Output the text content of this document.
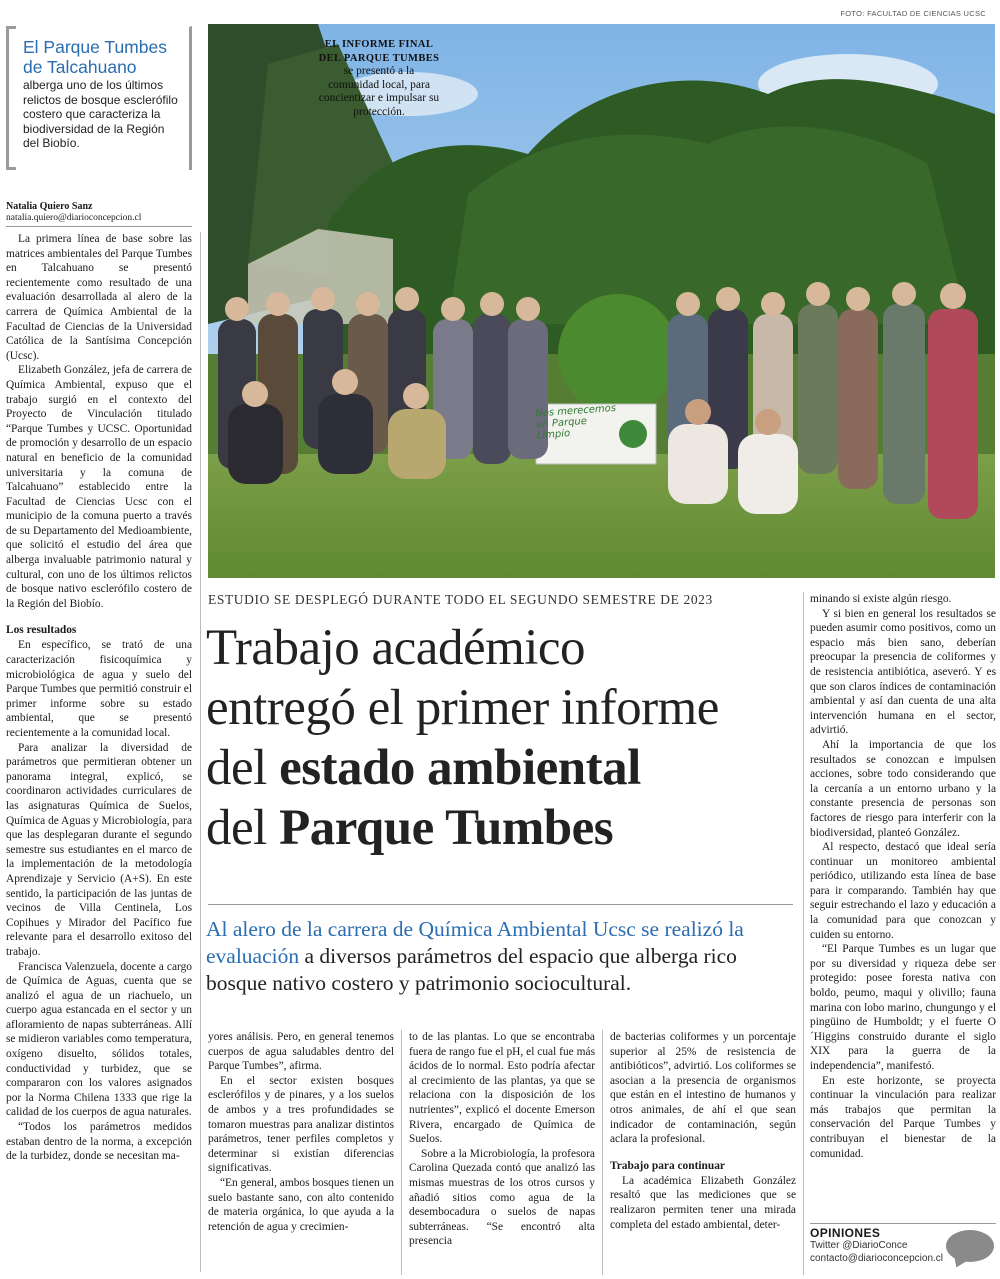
FOTO: FACULTAD DE CIENCIAS UCSC
El Parque Tumbes de Talcahuano
alberga uno de los últimos relictos de bosque esclerófilo costero que caracteriza la biodiversidad de la Región del Biobío.
Natalia Quiero Sanz
natalia.quiero@diarioconcepcion.cl

La primera línea de base sobre las matrices ambientales del Parque Tumbes en Talcahuano se presentó recientemente como resultado de una evaluación desarrollada al alero de la carrera de Química Ambiental de la Facultad de Ciencias de la Universidad Católica de la Santísima Concepción (Ucsc).

Elizabeth González, jefa de carrera de Química Ambiental, expuso que el trabajo surgió en el contexto del Proyecto de Vinculación titulado “Parque Tumbes y UCSC. Oportunidad de promoción y desarrollo de un espacio natural en beneficio de la comunidad universitaria y la comuna de Talcahuano” establecido entre la Facultad de Ciencias Ucsc con el municipio de la comuna puerto a través de su Departamento del Medioambiente, que solicitó el estudio del área que alberga invaluable patrimonio natural y cultural, con uno de los últimos relictos de bosque nativo esclerófilo costero de la Región del Biobío.

Los resultados

En específico, se trató de una caracterización fisicoquímica y microbiológica de agua y suelo del Parque Tumbes que permitió construir el primer informe sobre su estado ambiental, que se presentó recientemente a la comunidad local.

Para analizar la diversidad de parámetros que permitieran obtener un panorama integral, explicó, se coordinaron actividades curriculares de las asignaturas Química de Suelos, Química de Aguas y Microbiología, para que las desplegaran durante el segundo semestre sus estudiantes en el marco de la implementación de la metodología Aprendizaje y Servicio (A+S). En este sentido, la participación de las juntas de vecinos de Villa Centinela, Los Copihues y Mirador del Pacífico fue relevante para el desarrollo exitoso del trabajo.

Francisca Valenzuela, docente a cargo de Química de Aguas, cuenta que se analizó el agua de un riachuelo, un cuerpo agua estancada en el sector y un afloramiento de napas subterráneas. Allí se midieron variables como temperatura, oxígeno disuelto, sólidos totales, conductividad y turbidez, que se compararon con los valores asignados por la Norma Chilena 1333 que rige la calidad de los cuerpos de agua naturales.

“Todos los parámetros medidos estaban dentro de la norma, a excepción de la turbidez, donde se necesitan ma-

Nos merecemos
un Parque
Limpio
EL INFORME FINAL DEL PARQUE TUMBES
se presentó a la comunidad local, para concientizar e impulsar su protección.
ESTUDIO SE DESPLEGÓ DURANTE TODO EL SEGUNDO SEMESTRE DE 2023
Trabajo académico
entregó el primer informe
del estado ambiental
del Parque Tumbes
Al alero de la carrera de Química Ambiental Ucsc se realizó la evaluación a diversos parámetros del espacio que alberga rico bosque nativo costero y patrimonio sociocultural.

yores análisis. Pero, en general tenemos cuerpos de agua saludables dentro del Parque Tumbes”, afirma.

En el sector existen bosques esclerófilos y de pinares, y a los suelos de ambos y a tres profundidades se tomaron muestras para analizar distintos parámetros, tener perfiles completos y determinar si existían diferencias significativas.

“En general, ambos bosques tienen un suelo bastante sano, con alto contenido de materia orgánica, lo que ayuda a la retención de agua y crecimien-

to de las plantas. Lo que se encontraba fuera de rango fue el pH, el cual fue más ácidos de lo normal. Esto podría afectar al crecimiento de las plantas, ya que se relaciona con la disposición de los nutrientes”, explicó el docente Emerson Rivera, encargado de Química de Suelos.

Sobre a la Microbiología, la profesora Carolina Quezada contó que analizó las mismas muestras de los otros cursos y añadió sitios como agua de la desembocadura o suelos de napas subterráneas. “Se encontró alta presencia

de bacterias coliformes y un porcentaje superior al 25% de resistencia de antibióticos”, advirtió. Los coliformes se asocian a la presencia de organismos que están en el intestino de humanos y otros animales, de ahí el que sean indicador de contaminación, según aclara la profesional.

Trabajo para continuar

La académica Elizabeth González resaltó que las mediciones que se realizaron permiten tener una mirada completa del estado ambiental, deter-

minando si existe algún riesgo.

Y si bien en general los resultados se pueden asumir como positivos, como un espacio más bien sano, deberían preocupar la presencia de coliformes y de resistencia antibiótica, aseveró. Y es que son claros índices de contaminación ambiental y así dan cuenta de una alta intervención humana en el sector, advirtió.

Ahí la importancia de que los resultados se conozcan e impulsen acciones, sobre todo considerando que la cercanía a un entorno urbano y la constante presencia de personas son factores de riesgo para interferir con la biodiversidad, planteó González.

Al respecto, destacó que ideal sería continuar un monitoreo ambiental periódico, utilizando esta línea de base para ir comparando. También hay que seguir estrechando el lazo y educación a la comunidad para que conozcan y cuiden su entorno.

“El Parque Tumbes es un lugar que por su diversidad y riqueza debe ser protegido: posee foresta nativa con boldo, peumo, maqui y olivillo; fauna marina con lobo marino, chungungo y el pingüino de Humboldt; y el fuerte O´Higgins construido durante el siglo XIX para la guerra de la independencia”, manifestó.

En este horizonte, se proyecta continuar la vinculación para realizar más trabajos que permitan la conservación del Parque Tumbes y contribuyan el bienestar de la comunidad.

OPINIONES
Twitter @DiarioConce
contacto@diarioconcepcion.cl
